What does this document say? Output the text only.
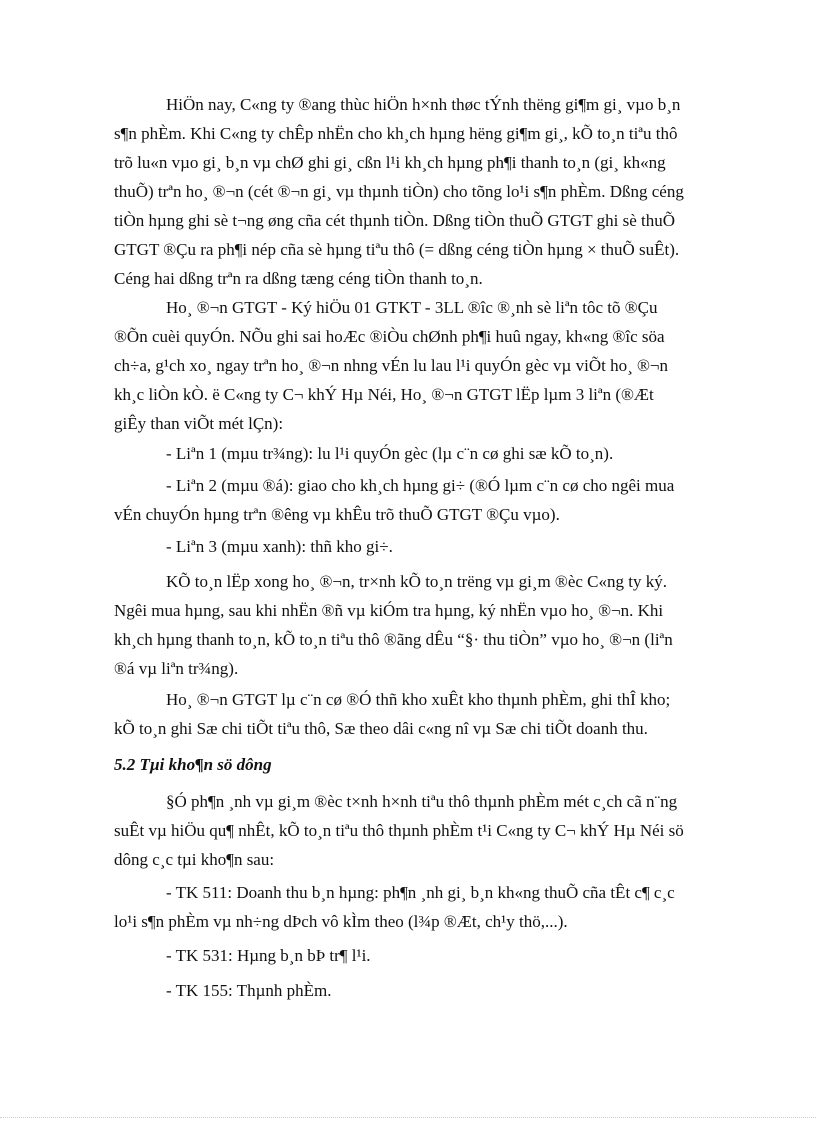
HiÖn nay, C«ng ty ®ang thùc hiÖn h×nh thøc tÝnh thëng gi¶m gi¸ vµo b¸n
s¶n phÈm. Khi C«ng ty chÊp nhËn cho kh¸ch hµng hëng gi¶m gi¸, kÕ to¸n tiªu thô
trõ lu«n vµo gi¸ b¸n vµ chØ ghi gi¸ cßn l¹i kh¸ch hµng ph¶i thanh to¸n (gi¸ kh«ng
thuÕ) trªn ho¸ ®¬n (cét ®¬n gi¸ vµ thµnh tiÒn) cho tõng lo¹i s¶n phÈm. Dßng céng
tiÒn hµng ghi sè t¬ng øng cña cét thµnh tiÒn. Dßng tiÒn thuÕ GTGT ghi sè thuÕ
GTGT ®Çu ra ph¶i nép cña sè hµng tiªu thô (= dßng céng tiÒn hµng × thuÕ suÊt).
Céng hai dßng trªn ra dßng tæng céng tiÒn thanh to¸n.
Ho¸ ®¬n GTGT - Ký hiÖu 01 GTKT - 3LL ®îc ®¸nh sè liªn tôc tõ ®Çu
®Õn cuèi quyÓn. NÕu ghi sai hoÆc ®iÒu chØnh ph¶i huû ngay, kh«ng ®îc söa
ch÷a, g¹ch xo¸ ngay trªn ho¸ ®¬n nhng vÉn lu lau l¹i quyÓn gèc vµ viÕt ho¸ ®¬n
kh¸c liÒn kÒ. ë C«ng ty C¬ khÝ Hµ Néi, Ho¸ ®¬n GTGT lËp lµm 3 liªn (®Æt
giÊy than viÕt mét lÇn):
- Liªn 1 (mµu tr¾ng): lu l¹i quyÓn gèc (lµ c¨n cø ghi sæ kÕ to¸n).
- Liªn 2 (mµu ®á): giao cho kh¸ch hµng gi÷ (®Ó lµm c¨n cø cho ngêi mua
vÉn chuyÓn hµng trªn ®êng vµ khÊu trõ thuÕ GTGT ®Çu vµo).
- Liªn 3 (mµu xanh): thñ kho gi÷.
KÕ to¸n lËp xong ho¸ ®¬n, tr×nh kÕ to¸n trëng vµ gi¸m ®èc C«ng ty ký.
Ngêi mua hµng, sau khi nhËn ®ñ vµ kiÓm tra hµng, ký nhËn vµo ho¸ ®¬n. Khi
kh¸ch hµng thanh to¸n, kÕ to¸n tiªu thô ®ãng dÊu “§· thu tiÒn” vµo ho¸ ®¬n (liªn
®á vµ liªn tr¾ng).
Ho¸ ®¬n GTGT lµ c¨n cø ®Ó thñ kho xuÊt kho thµnh phÈm, ghi thÎ kho;
kÕ to¸n ghi Sæ chi tiÕt tiªu thô, Sæ theo dâi c«ng nî vµ Sæ chi tiÕt doanh thu.
5.2 Tµi kho¶n sö dông
§Ó ph¶n ¸nh vµ gi¸m ®èc t×nh h×nh tiªu thô thµnh phÈm mét c¸ch cã n¨ng
suÊt vµ hiÖu qu¶ nhÊt, kÕ to¸n tiªu thô thµnh phÈm t¹i C«ng ty C¬ khÝ Hµ Néi sö
dông c¸c tµi kho¶n sau:
- TK 511: Doanh thu b¸n hµng: ph¶n ¸nh gi¸ b¸n kh«ng thuÕ cña tÊt c¶ c¸c
lo¹i s¶n phÈm vµ nh÷ng dÞch vô kÌm theo (l¾p ®Æt, ch¹y thö,...).
- TK 531: Hµng b¸n bÞ tr¶ l¹i.
- TK 155: Thµnh phÈm.
